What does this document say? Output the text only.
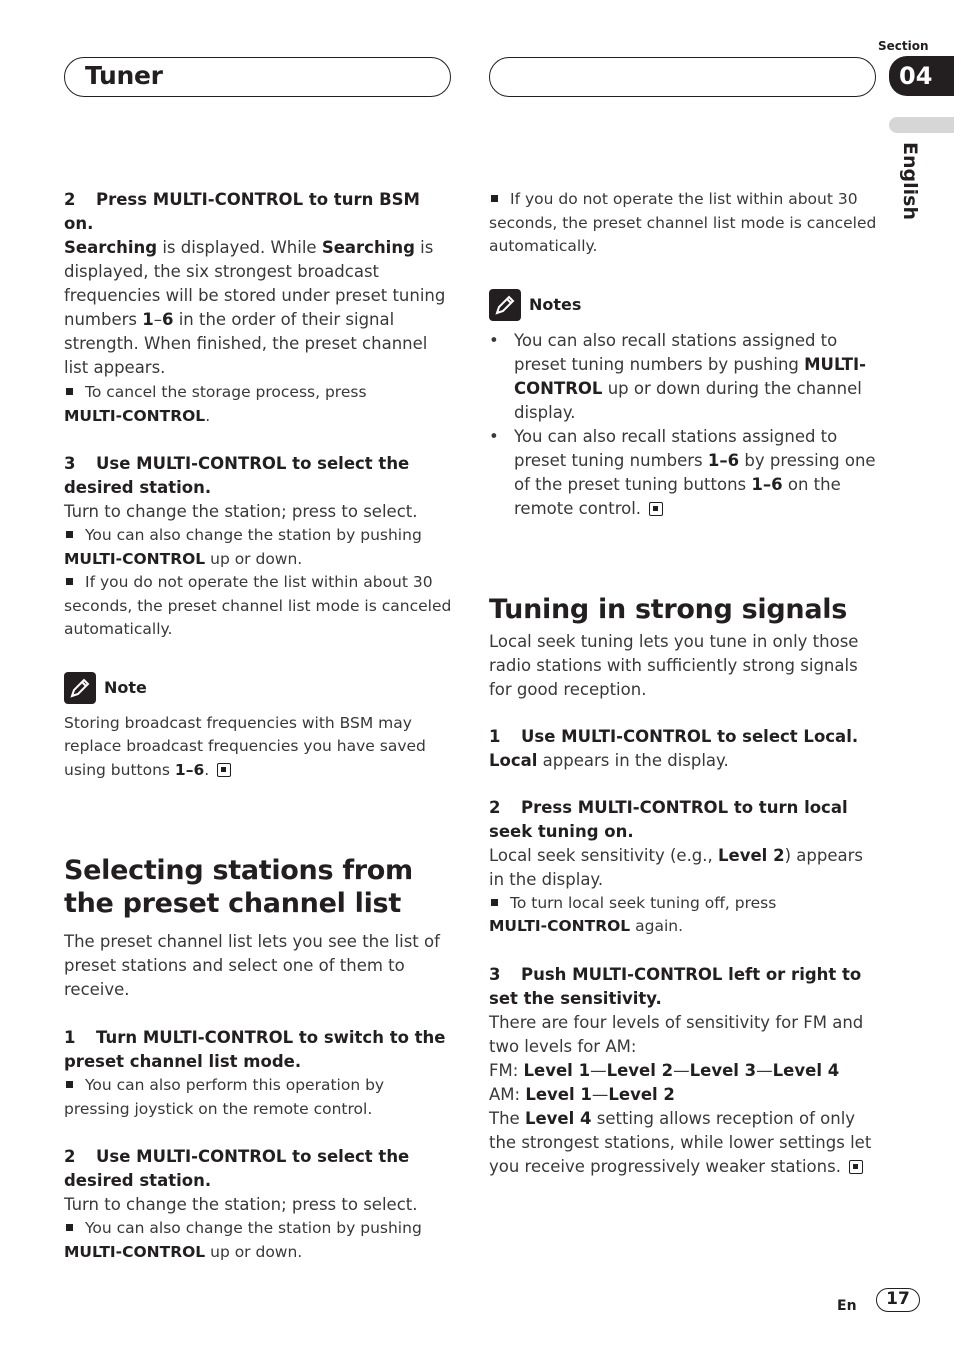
Tuner
Section
04
English

2 Press MULTI-CONTROL to turn BSM on.

Searching is displayed. While Searching is displayed, the six strongest broadcast frequencies will be stored under preset tuning numbers 1–6 in the order of their signal strength. When finished, the preset channel list appears.

To cancel the storage process, press
MULTI-CONTROL.

3 Use MULTI-CONTROL to select the desired station.

Turn to change the station; press to select.

You can also change the station by pushing
MULTI-CONTROL up or down.

If you do not operate the list within about 30 seconds, the preset channel list mode is canceled automatically.

Note

Storing broadcast frequencies with BSM may replace broadcast frequencies you have saved using buttons 1–6.

Selecting stations from the preset channel list

The preset channel list lets you see the list of preset stations and select one of them to receive.

1 Turn MULTI-CONTROL to switch to the preset channel list mode.

You can also perform this operation by pressing joystick on the remote control.

2 Use MULTI-CONTROL to select the desired station.

Turn to change the station; press to select.

You can also change the station by pushing
MULTI-CONTROL up or down.

If you do not operate the list within about 30 seconds, the preset channel list mode is canceled automatically.

Notes
• You can also recall stations assigned to preset tuning numbers by pushing MULTI-CONTROL up or down during the channel display.
• You can also recall stations assigned to preset tuning numbers 1–6 by pressing one of the preset tuning buttons 1–6 on the remote control.

Tuning in strong signals

Local seek tuning lets you tune in only those radio stations with sufficiently strong signals for good reception.

1 Use MULTI-CONTROL to select Local.

Local appears in the display.

2 Press MULTI-CONTROL to turn local seek tuning on.

Local seek sensitivity (e.g., Level 2) appears in the display.

To turn local seek tuning off, press
MULTI-CONTROL again.

3 Push MULTI-CONTROL left or right to set the sensitivity.

There are four levels of sensitivity for FM and two levels for AM:

FM: Level 1—Level 2—Level 3—Level 4

AM: Level 1—Level 2

The Level 4 setting allows reception of only the strongest stations, while lower settings let you receive progressively weaker stations.

En	17
